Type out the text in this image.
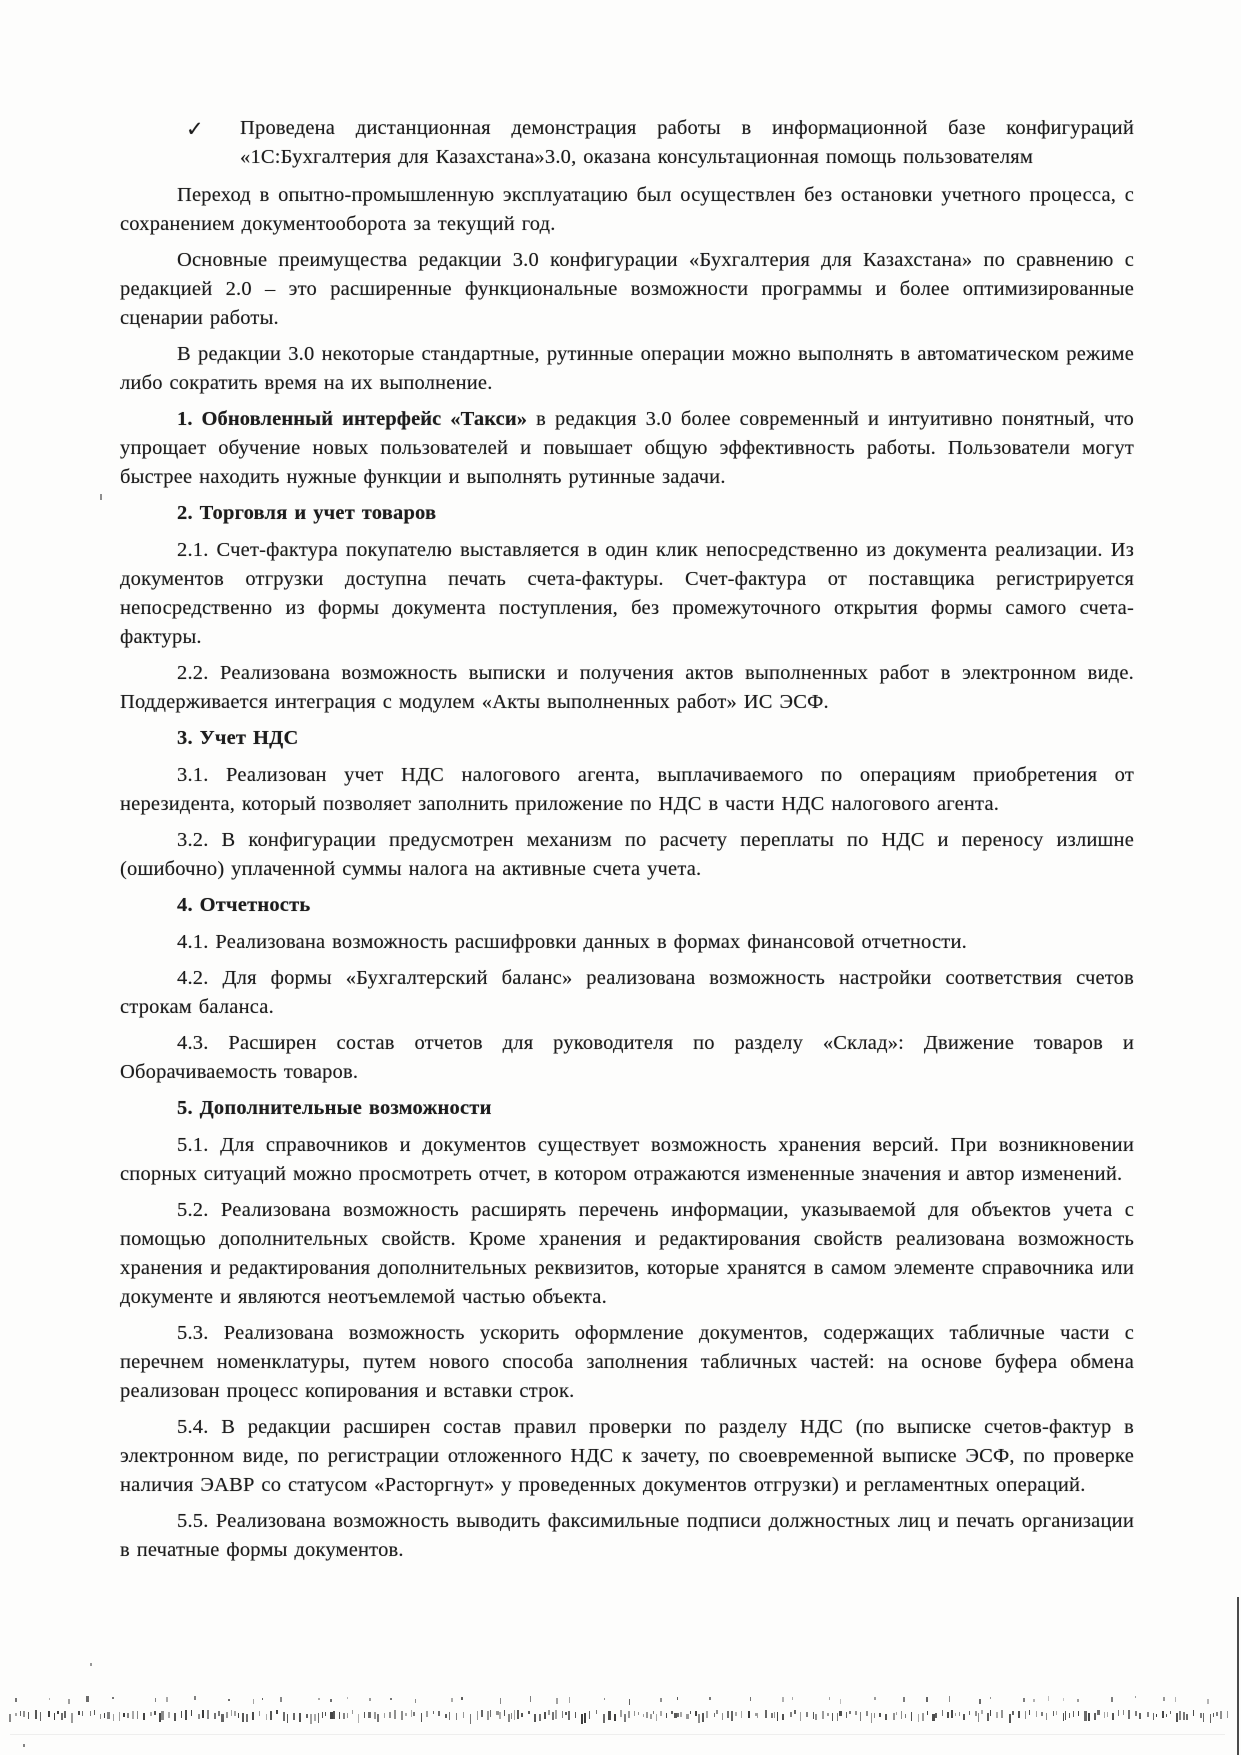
✓ Проведена дистанционная демонстрация работы в информационной базе конфигураций «1С:Бухгалтерия для Казахстана»3.0, оказана консультационная помощь пользователям

Переход в опытно-промышленную эксплуатацию был осуществлен без остановки учетного процесса, с сохранением документооборота за текущий год.

Основные преимущества редакции 3.0 конфигурации «Бухгалтерия для Казахстана» по сравнению с редакцией 2.0 – это расширенные функциональные возможности программы и более оптимизированные сценарии работы.

В редакции 3.0 некоторые стандартные, рутинные операции можно выполнять в автоматическом режиме либо сократить время на их выполнение.

1. Обновленный интерфейс «Такси» в редакция 3.0 более современный и интуитивно понятный, что упрощает обучение новых пользователей и повышает общую эффективность работы. Пользователи могут быстрее находить нужные функции и выполнять рутинные задачи.

2. Торговля и учет товаров

2.1. Счет-фактура покупателю выставляется в один клик непосредственно из документа реализации. Из документов отгрузки доступна печать счета-фактуры. Счет-фактура от поставщика регистрируется непосредственно из формы документа поступления, без промежуточного открытия формы самого счета-фактуры.

2.2. Реализована возможность выписки и получения актов выполненных работ в электронном виде. Поддерживается интеграция с модулем «Акты выполненных работ» ИС ЭСФ.

3. Учет НДС

3.1. Реализован учет НДС налогового агента, выплачиваемого по операциям приобретения от нерезидента, который позволяет заполнить приложение по НДС в части НДС налогового агента.

3.2. В конфигурации предусмотрен механизм по расчету переплаты по НДС и переносу излишне (ошибочно) уплаченной суммы налога на активные счета учета.

4. Отчетность

4.1. Реализована возможность расшифровки данных в формах финансовой отчетности.

4.2. Для формы «Бухгалтерский баланс» реализована возможность настройки соответствия счетов строкам баланса.

4.3. Расширен состав отчетов для руководителя по разделу «Склад»: Движение товаров и Оборачиваемость товаров.

5. Дополнительные возможности

5.1. Для справочников и документов существует возможность хранения версий. При возникновении спорных ситуаций можно просмотреть отчет, в котором отражаются измененные значения и автор изменений.

5.2. Реализована возможность расширять перечень информации, указываемой для объектов учета с помощью дополнительных свойств. Кроме хранения и редактирования свойств реализована возможность хранения и редактирования дополнительных реквизитов, которые хранятся в самом элементе справочника или документе и являются неотъемлемой частью объекта.

5.3. Реализована возможность ускорить оформление документов, содержащих табличные части с перечнем номенклатуры, путем нового способа заполнения табличных частей: на основе буфера обмена реализован процесс копирования и вставки строк.

5.4. В редакции расширен состав правил проверки по разделу НДС (по выписке счетов-фактур в электронном виде, по регистрации отложенного НДС к зачету, по своевременной выписке ЭСФ, по проверке наличия ЭАВР со статусом «Расторгнут» у проведенных документов отгрузки) и регламентных операций.

5.5. Реализована возможность выводить факсимильные подписи должностных лиц и печать организации в печатные формы документов.
